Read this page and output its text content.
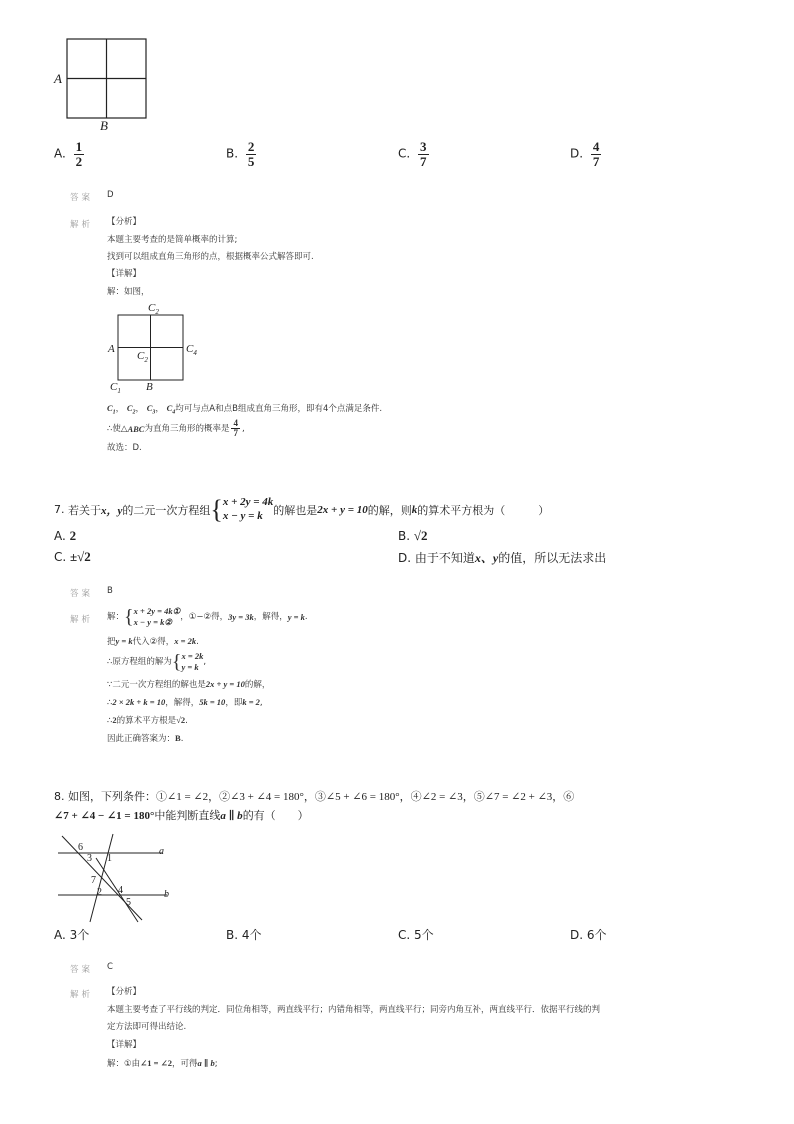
A
B
A. $\frac{1}{2}$	B. $\frac{2}{5}$	C. $\frac{3}{7}$	D. $\frac{4}{7}$
答案 D
解析 【分析】
本题主要考查的是简单概率的计算;
找到可以组成直角三角形的点，根据概率公式解答即可.
【详解】
解：如图，
$C_2$
A
$C_2$
$C_4$
$C_1$ B
$C_1$， $C_2$， $C_3$， $C_4$均可与点A和点B组成直角三角形，即有4个点满足条件.
∴使△ ABC 为直角三角形的概率是 $\frac{4}{7}$ ,
故选：D.
7.
若关于 x，y 的二元一次方程组 { x + 2y = 4k
x − y = k 的解也是 2x + y = 10 的解，则 k 的算术平方根为（　　　）
A. 2	B. √2
C. ±√2	D. 由于不知道x、y的值，所以无法求出
答案 B
解析 解： { x + 2y = 4k①
x − y = k②
，①−②得， 3y = 3k ，解得， y = k .
把y = k代入②得，x = 2k.
∴原方程组的解为 { x = 2k
y = k
,
∵二元一次方程组的解也是2x + y = 10的解，
∴2 × 2k + k = 10，解得，5k = 10，即k = 2,
∴2的算术平方根是√2.
因此正确答案为：B.
8. 如图，下列条件：①∠1 = ∠2，②∠3 + ∠4 = 180°，③∠5 + ∠6 = 180°，④∠2 = ∠3，⑤∠7 = ∠2 + ∠3，⑥
∠7 + ∠4 − ∠1 = 180°中能判断直线a ∥ b的有（　　）
6
3 1
a
7
2 4
5
b
A. 3个	B. 4个	C. 5个	D. 6个
答案 C
解析 【分析】
本题主要考查了平行线的判定．同位角相等，两直线平行；内错角相等，两直线平行；同旁内角互补，两直线平行．依据平行线的判
定方法即可得出结论.
【详解】
解：①由∠1 = ∠2，可得a ∥ b;
